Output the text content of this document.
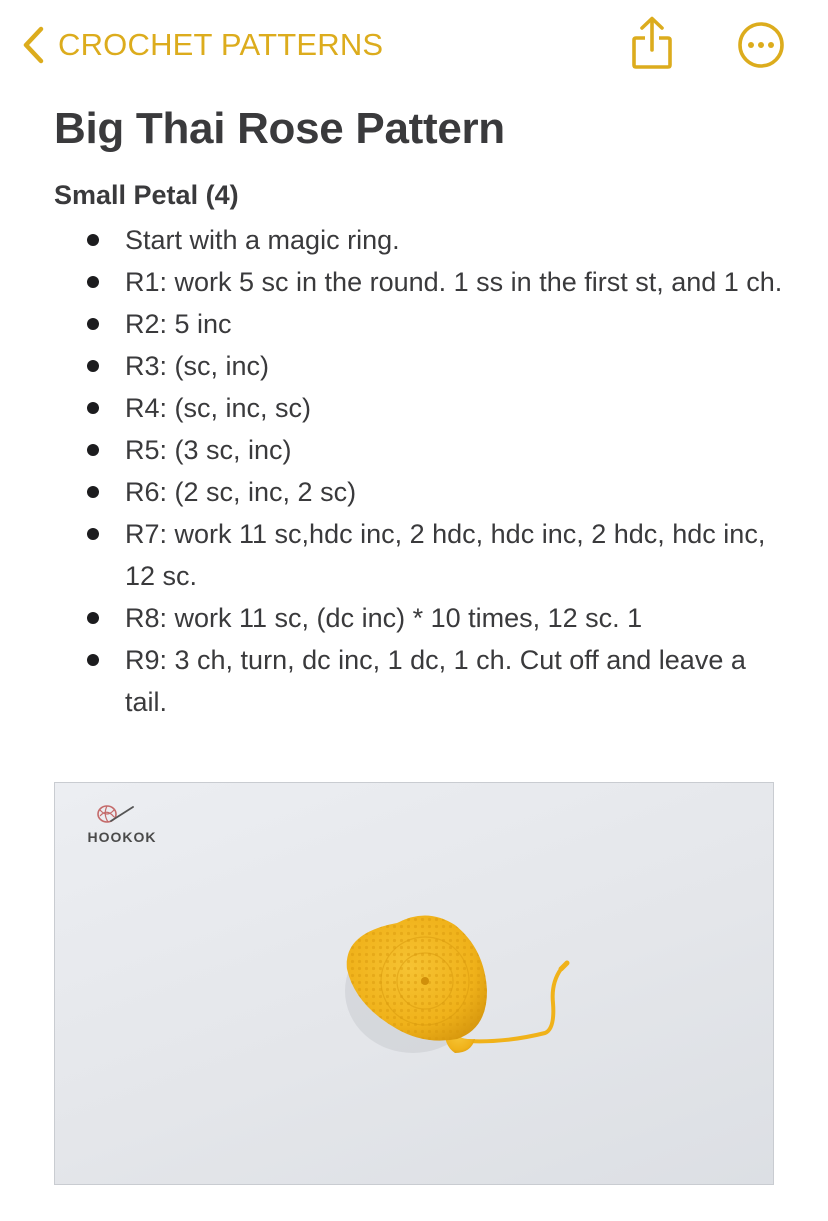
CROCHET PATTERNS
Big Thai Rose Pattern
Small Petal (4)
Start with a magic ring.
R1: work 5 sc in the round. 1 ss in the first st, and 1 ch.
R2: 5 inc
R3: (sc, inc)
R4: (sc, inc, sc)
R5: (3 sc, inc)
R6: (2 sc, inc, 2 sc)
R7: work 11 sc,hdc inc, 2 hdc, hdc inc, 2 hdc, hdc inc, 12 sc.
R8: work 11 sc, (dc inc) * 10 times, 12 sc. 1
R9: 3 ch, turn, dc inc, 1 dc, 1 ch. Cut off and leave a tail.
HOOKOK
